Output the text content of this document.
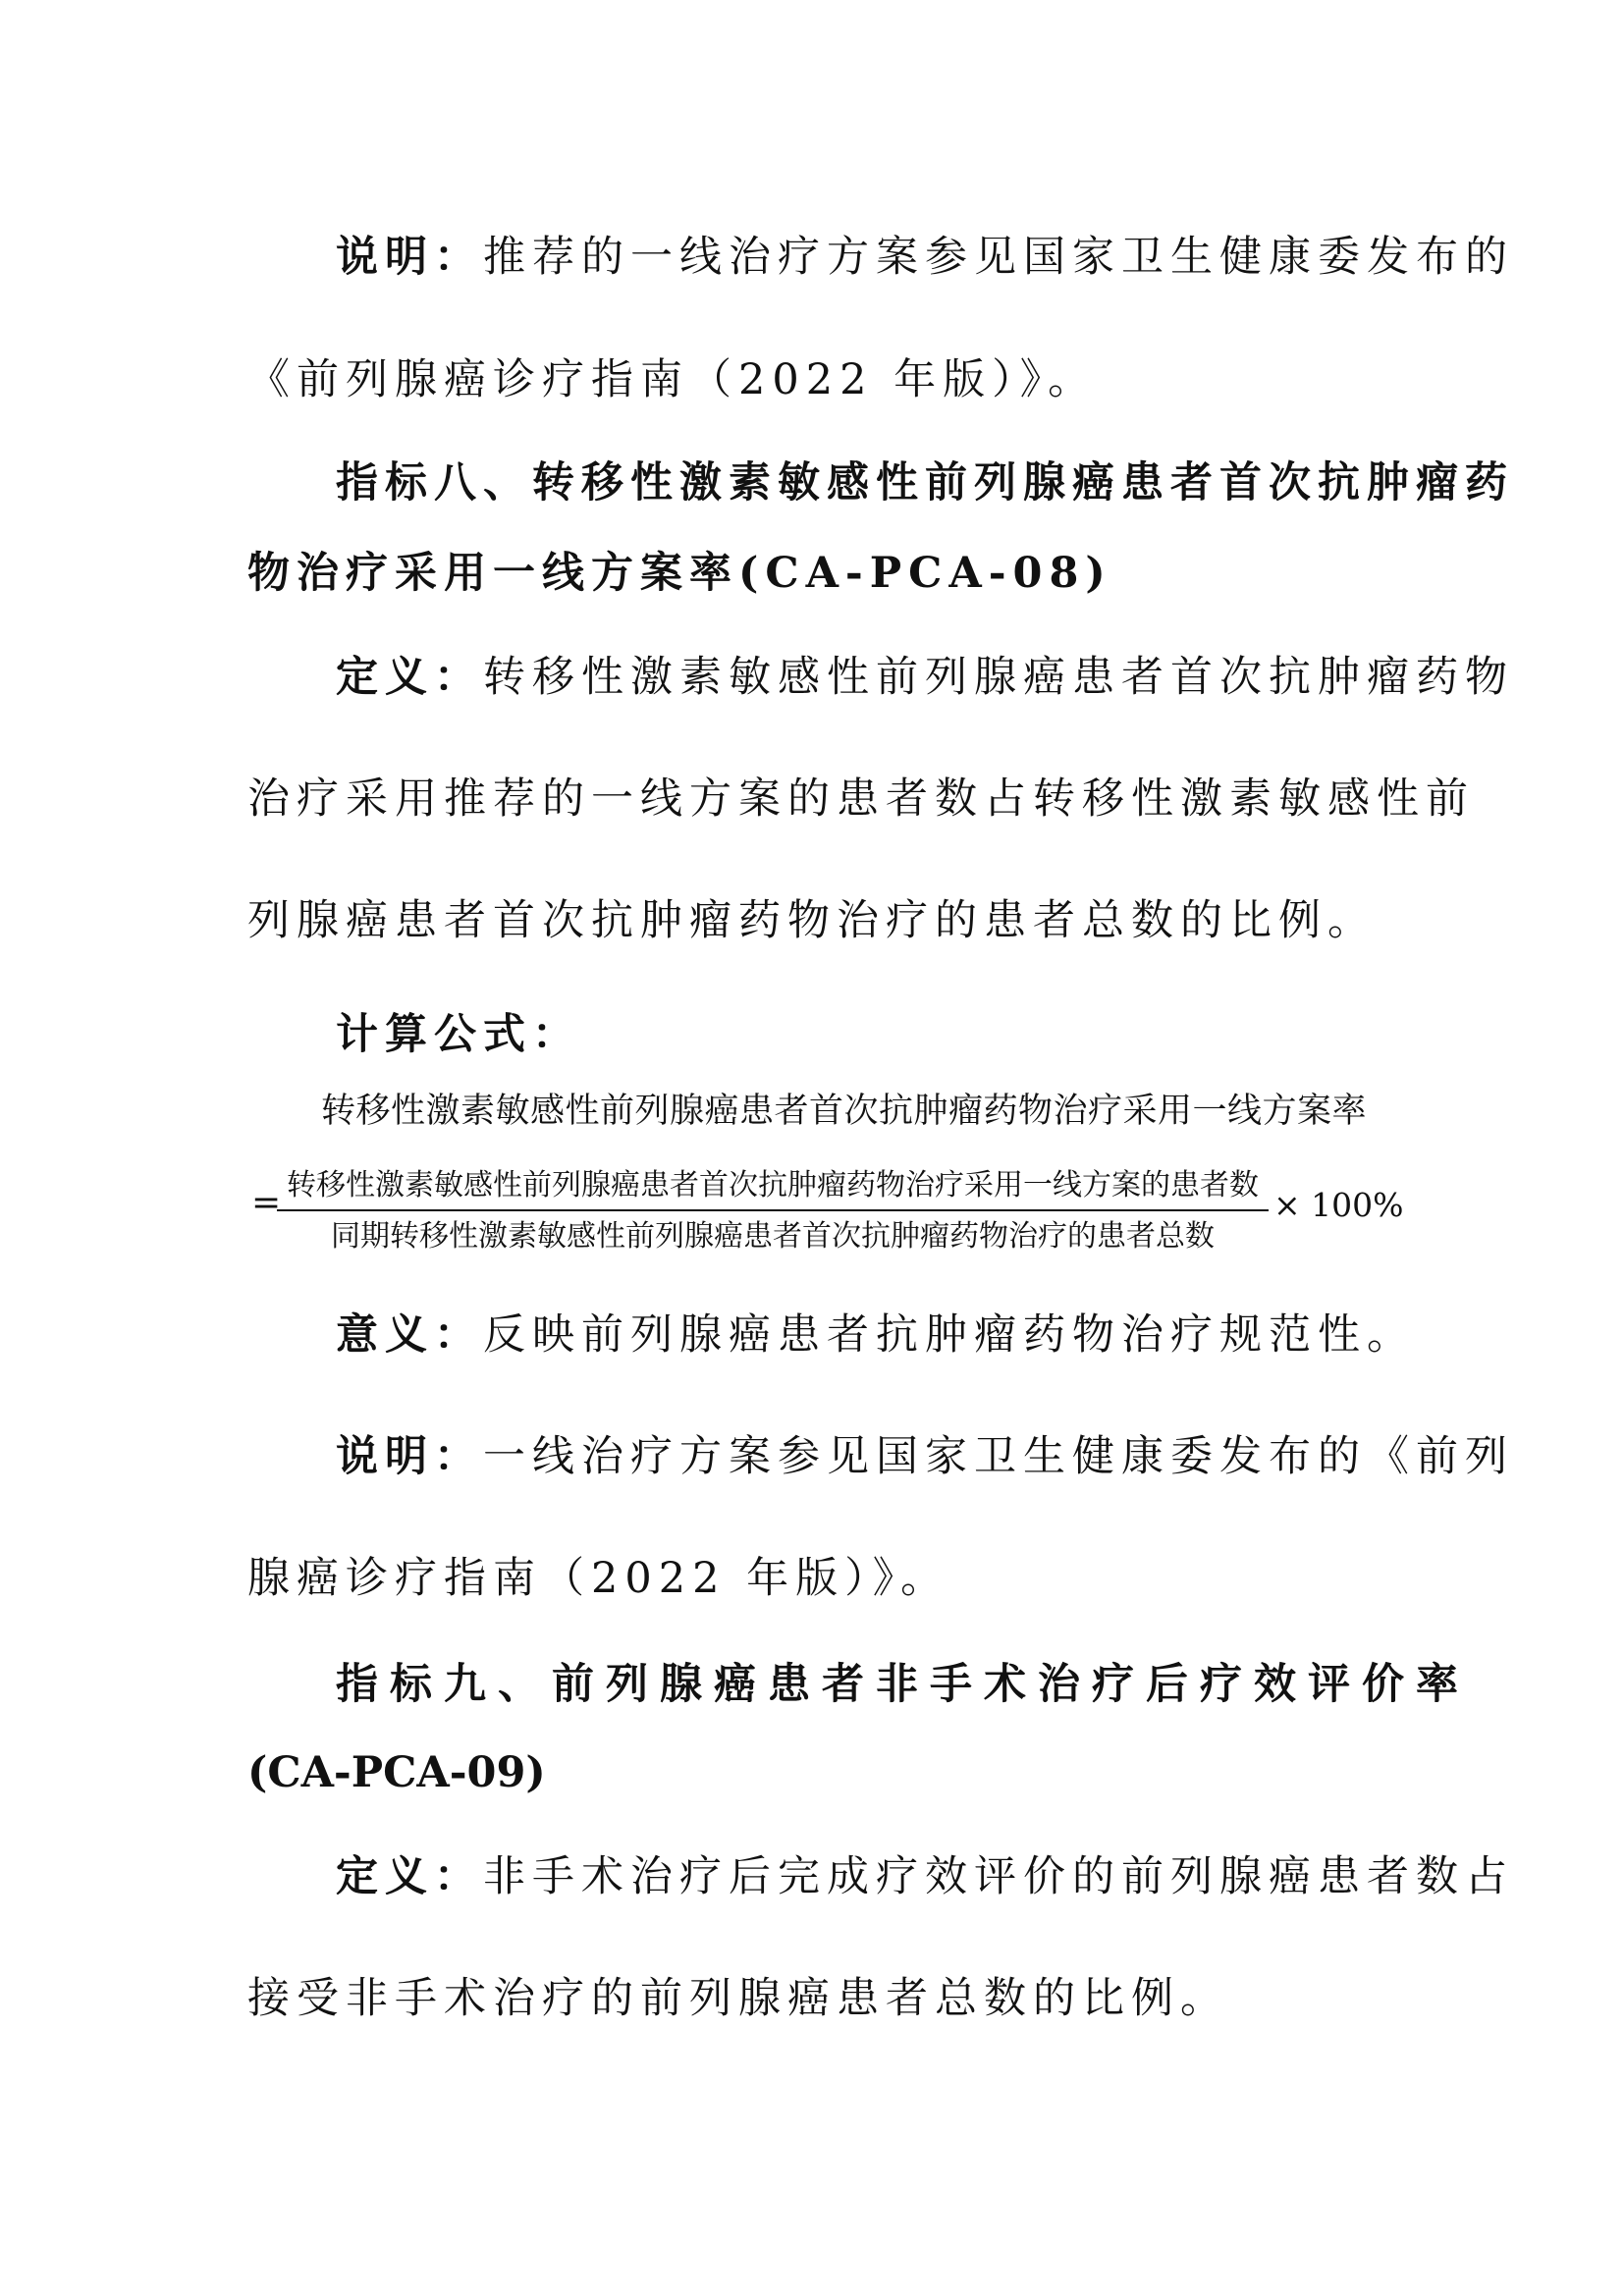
说明：推荐的一线治疗方案参见国家卫生健康委发布的
《前列腺癌诊疗指南（2022 年版）》。
指标八、转移性激素敏感性前列腺癌患者首次抗肿瘤药
物治疗采用一线方案率(CA-PCA-08)
定义：转移性激素敏感性前列腺癌患者首次抗肿瘤药物
治疗采用推荐的一线方案的患者数占转移性激素敏感性前
列腺癌患者首次抗肿瘤药物治疗的患者总数的比例。
计算公式：
转移性激素敏感性前列腺癌患者首次抗肿瘤药物治疗采用一线方案率
= 转移性激素敏感性前列腺癌患者首次抗肿瘤药物治疗采用一线方案的患者数
同期转移性激素敏感性前列腺癌患者首次抗肿瘤药物治疗的患者总数
× 100%
意义：反映前列腺癌患者抗肿瘤药物治疗规范性。
说明：一线治疗方案参见国家卫生健康委发布的《前列
腺癌诊疗指南（2022 年版）》。
指标九、前列腺癌患者非手术治疗后疗效评价率
(CA-PCA-09)
定义：非手术治疗后完成疗效评价的前列腺癌患者数占
接受非手术治疗的前列腺癌患者总数的比例。
